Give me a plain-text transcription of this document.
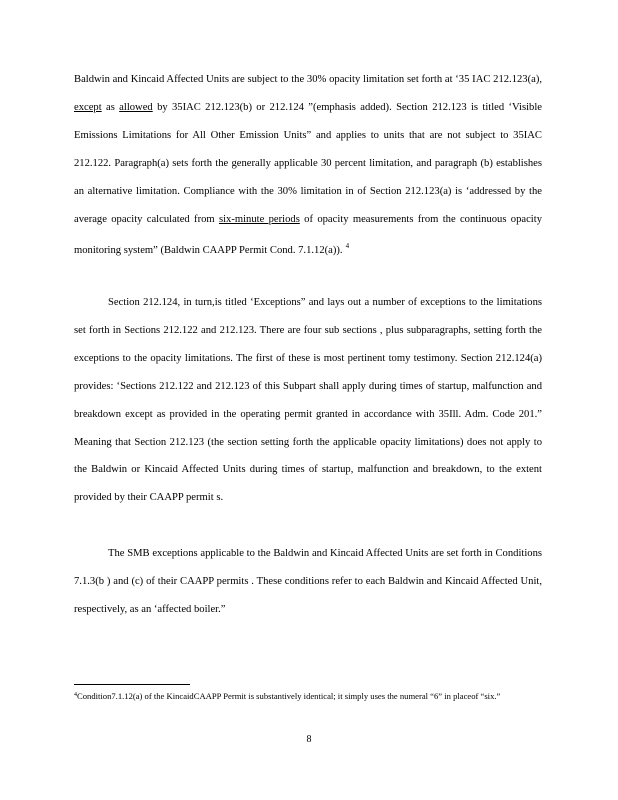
Baldwin and Kincaid Affected Units are subject to the 30% opacity limitation set forth at ‘35 IAC 212.123(a), except as allowed by 35IAC 212.123(b) or 212.124 ”(emphasis added). Section 212.123 is titled ‘Visible Emissions Limitations for All Other Emission Units” and applies to units that are not subject to 35IAC 212.122. Paragraph(a) sets forth the generally applicable 30 percent limitation, and paragraph (b) establishes an alternative limitation. Compliance with the 30% limitation in of Section 212.123(a) is ‘addressed by the average opacity calculated from six-minute periods of opacity measurements from the continuous opacity monitoring system” (Baldwin CAAPP Permit Cond. 7.1.12(a)). $^4$

Section 212.124, in turn,is titled ‘Exceptions” and lays out a number of exceptions to the limitations set forth in Sections 212.122 and 212.123. There are four sub sections , plus subparagraphs, setting forth the exceptions to the opacity limitations. The first of these is most pertinent tomy testimony. Section 212.124(a) provides: ‘Sections 212.122 and 212.123 of this Subpart shall apply during times of startup, malfunction and breakdown except as provided in the operating permit granted in accordance with 35Ill. Adm. Code 201.” Meaning that Section 212.123 (the section setting forth the applicable opacity limitations) does not apply to the Baldwin or Kincaid Affected Units during times of startup, malfunction and breakdown, to the extent provided by their CAAPP permit s.

The SMB exceptions applicable to the Baldwin and Kincaid Affected Units are set forth in Conditions 7.1.3(b ) and (c) of their CAAPP permits . These conditions refer to each Baldwin and Kincaid Affected Unit, respectively, as an ‘affected boiler.”

$^4$Condition7.1.12(a) of the KincaidCAAPP Permit is substantively identical; it simply uses the numeral “6” in placeof “six.”
8
